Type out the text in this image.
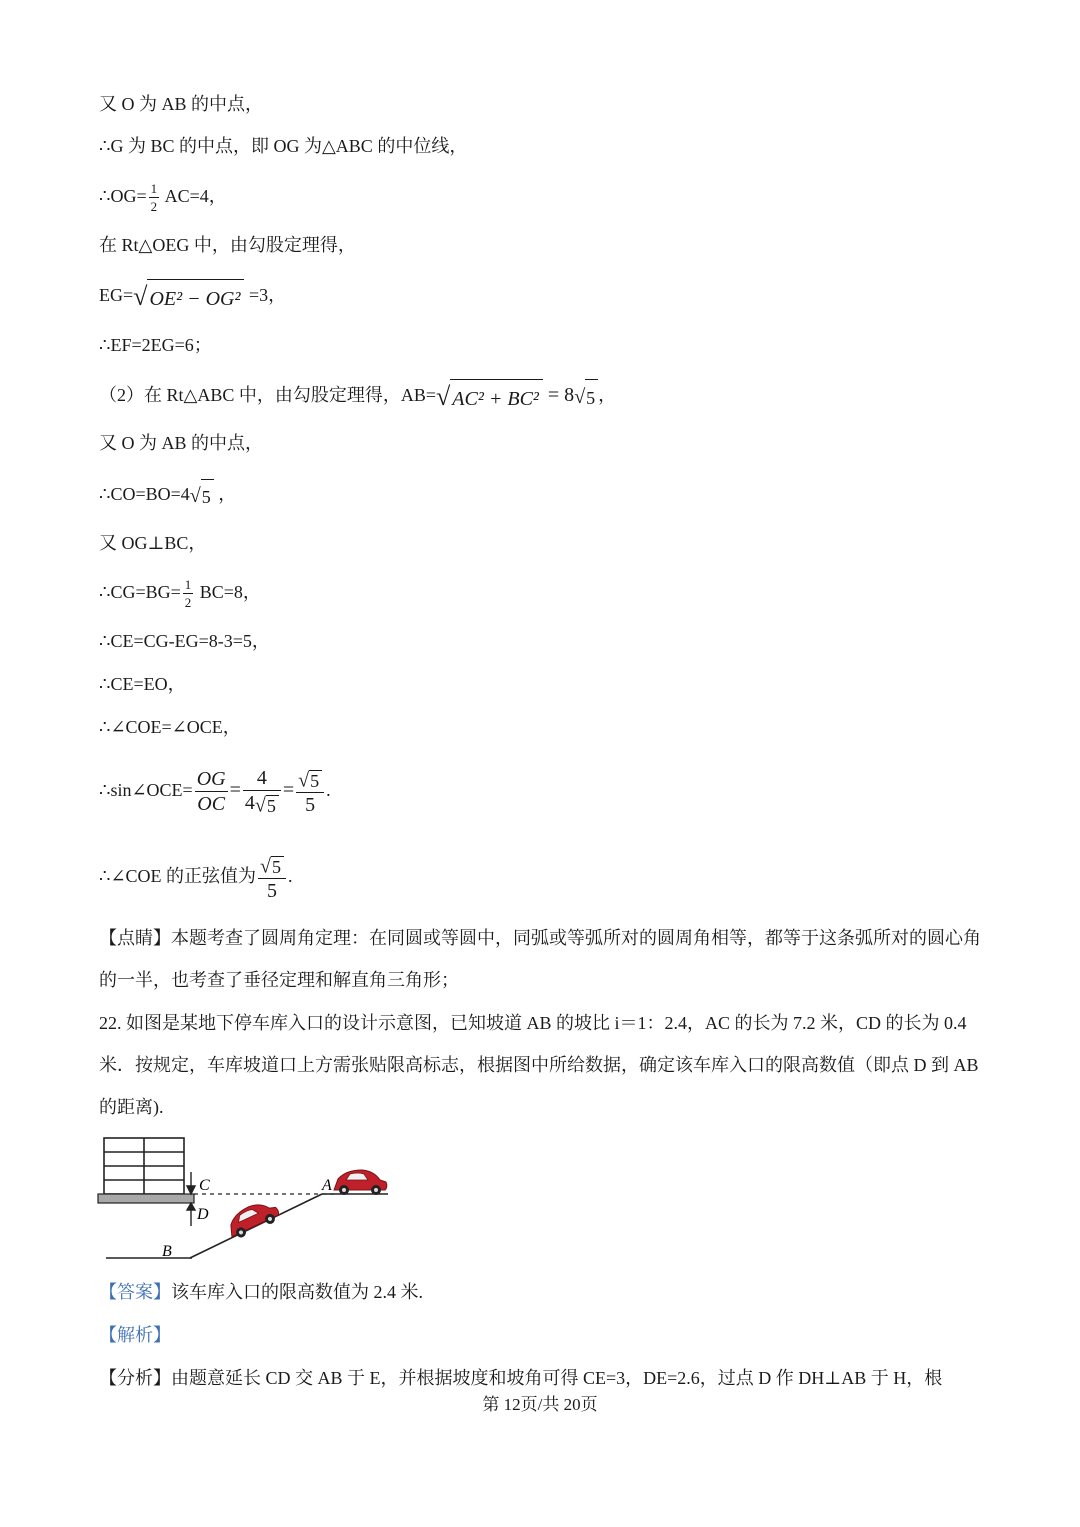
又 O 为 AB 的中点，
∴G 为 BC 的中点，即 OG 为△ABC 的中位线，
∴OG= $\frac{1}{2} AC=4$，
在 Rt△OEG 中，由勾股定理得，
EG=√ OE² − OG² =3，
∴EF=2EG=6；
（2）在 Rt△ABC 中，由勾股定理得，AB=√ AC² + BC² = 8√5 ，
又 O 为 AB 的中点，
∴CO=BO=4√5 ，
又 OG⊥BC，
∴CG=BG= $\frac{1}{2} BC=8$，
∴CE=CG-EG=8-3=5，
∴CE=EO，
∴∠COE=∠OCE，
∴sin∠OCE= $\frac{OG}{OC} = \frac{4}{4√5} = \frac{√5}{5}$ .
∴∠COE 的正弦值为 $\frac{√5}{5}$ .
【点睛】本题考查了圆周角定理：在同圆或等圆中，同弧或等弧所对的圆周角相等，都等于这条弧所对的圆心角的一半，也考查了垂径定理和解直角三角形；
22. 如图是某地下停车库入口的设计示意图，已知坡道 AB 的坡比 i＝1：2.4，AC 的长为 7.2 米，CD 的长为 0.4 米．按规定，车库坡道口上方需张贴限高标志，根据图中所给数据，确定该车库入口的限高数值（即点 D 到 AB 的距离).
C
D
A
B
【答案】该车库入口的限高数值为 2.4 米.
【解析】
【分析】由题意延长 CD 交 AB 于 E，并根据坡度和坡角可得 CE=3，DE=2.6，过点 D 作 DH⊥AB 于 H，根
第 12页/共 20页
